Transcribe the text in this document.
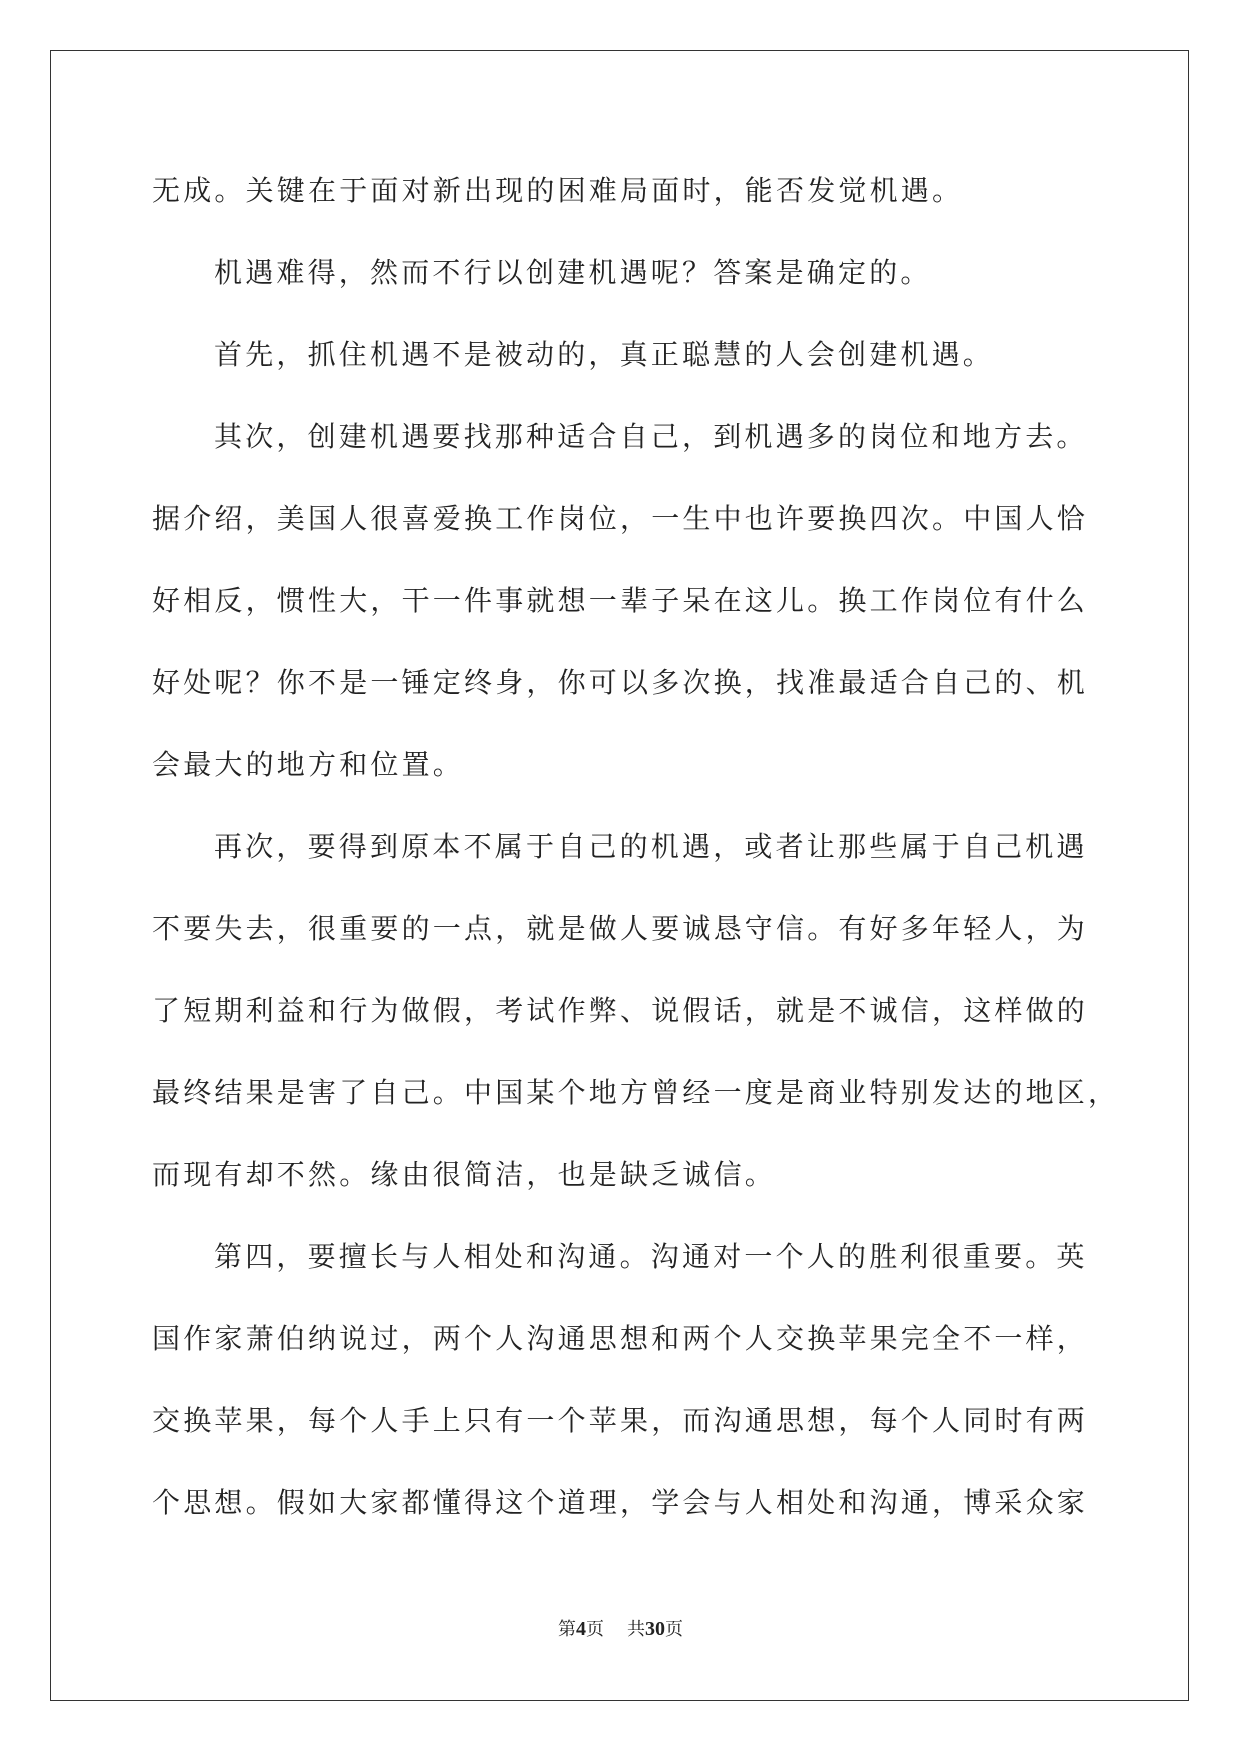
无成。关键在于面对新出现的困难局面时，能否发觉机遇。

机遇难得，然而不行以创建机遇呢？答案是确定的。

首先，抓住机遇不是被动的，真正聪慧的人会创建机遇。

其次，创建机遇要找那种适合自己，到机遇多的岗位和地方去。

据介绍，美国人很喜爱换工作岗位，一生中也许要换四次。中国人恰

好相反，惯性大，干一件事就想一辈子呆在这儿。换工作岗位有什么

好处呢？你不是一锤定终身，你可以多次换，找准最适合自己的、机

会最大的地方和位置。

再次，要得到原本不属于自己的机遇，或者让那些属于自己机遇

不要失去，很重要的一点，就是做人要诚恳守信。有好多年轻人，为

了短期利益和行为做假，考试作弊、说假话，就是不诚信，这样做的

最终结果是害了自己。中国某个地方曾经一度是商业特别发达的地区，

而现有却不然。缘由很简洁，也是缺乏诚信。

第四，要擅长与人相处和沟通。沟通对一个人的胜利很重要。英

国作家萧伯纳说过，两个人沟通思想和两个人交换苹果完全不一样，

交换苹果，每个人手上只有一个苹果，而沟通思想，每个人同时有两

个思想。假如大家都懂得这个道理，学会与人相处和沟通，博采众家

第4页 共30页
